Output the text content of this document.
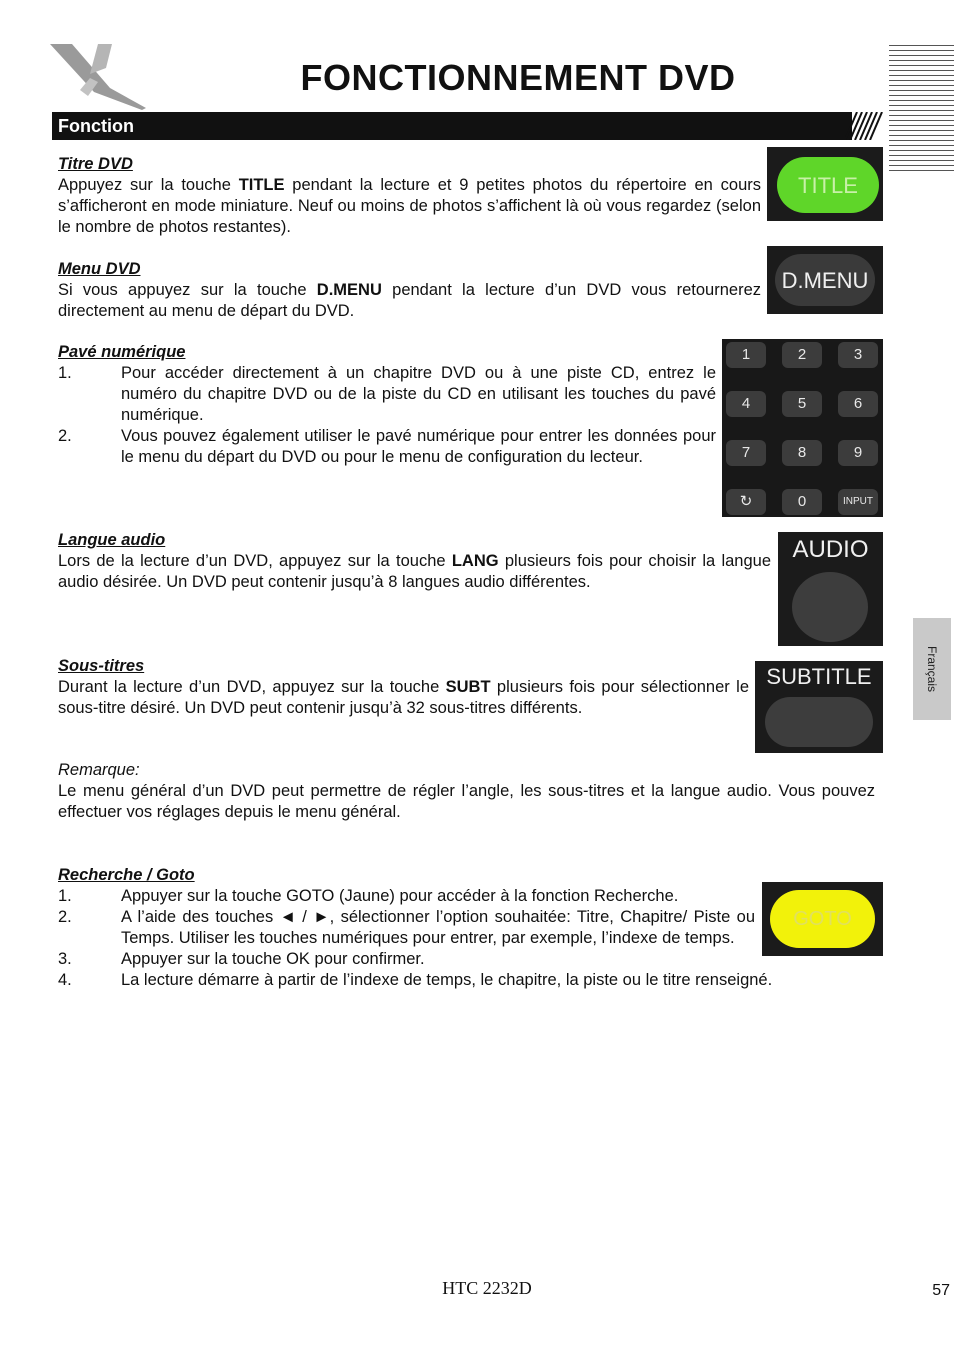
FONCTIONNEMENT DVD
Fonction
Français
Titre DVD
Appuyez sur la touche TITLE pendant la lecture et 9 petites photos du répertoire en cours s’afficheront en mode miniature. Neuf ou moins de photos s’affichent là où vous regardez (selon le nombre de photos restantes).
TITLE
Menu DVD
Si vous appuyez sur la touche D.MENU pendant la lecture d’un DVD vous retournerez directement au menu de départ du DVD.
D.MENU
Pavé numérique
1.	Pour accéder directement à un chapitre DVD ou à une piste CD, entrez le numéro du chapitre DVD ou de la piste du CD en utilisant les touches du pavé numérique.
2.	Vous pouvez également utiliser le pavé numérique pour entrer les données pour le menu du départ du DVD ou pour le menu de configuration du lecteur.
1	2	3
4	5	6
7	8	9
↻	0	INPUT
Langue audio
Lors de la lecture d’un DVD, appuyez sur la touche LANG plusieurs fois pour choisir la langue audio désirée. Un DVD peut contenir jusqu’à 8 langues audio différentes.
AUDIO
Sous-titres
Durant la lecture d’un DVD, appuyez sur la touche SUBT plusieurs fois pour sélectionner le sous-titre désiré. Un DVD peut contenir jusqu’à 32 sous-titres différents.
SUBTITLE
Remarque:
Le menu général d’un DVD peut permettre de régler l’angle, les sous-titres et la langue audio. Vous pouvez effectuer vos réglages depuis le menu général.
Recherche / Goto
1.	Appuyer sur la touche GOTO (Jaune) pour accéder à la fonction Recherche.
2.	A l’aide des touches ◄ / ►, sélectionner l’option souhaitée: Titre, Chapitre/ Piste ou Temps. Utiliser les touches numériques pour entrer, par exemple, l’indexe de temps.
3.	Appuyer sur la touche OK pour confirmer.
4.	La lecture démarre à partir de l’indexe de temps, le chapitre, la piste ou le titre renseigné.
GOTO
HTC 2232D	57
